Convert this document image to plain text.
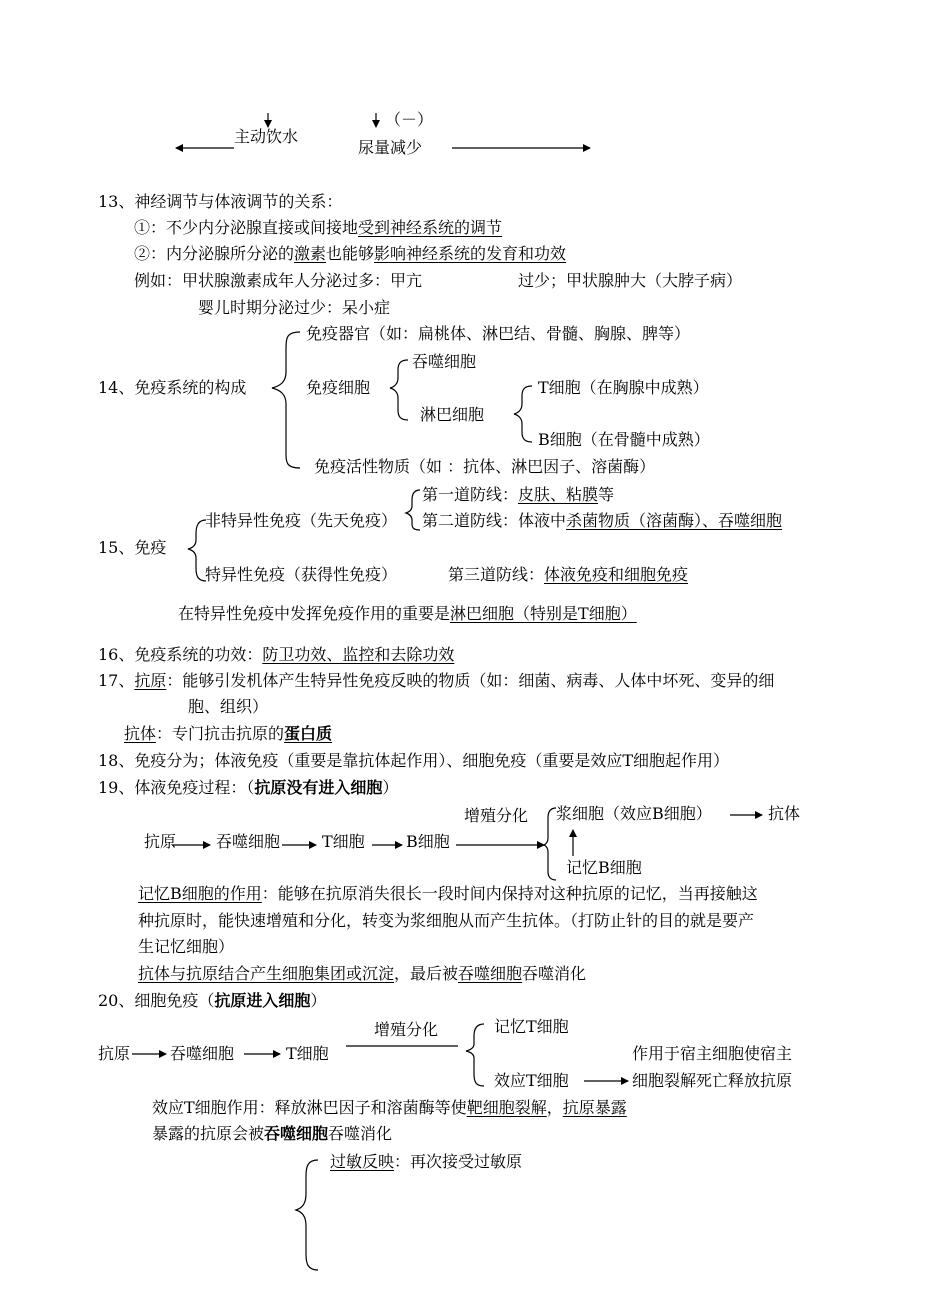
主动饮水
（－）
尿量减少
13、神经调节与体液调节的关系：
①：不少内分泌腺直接或间接地受到神经系统的调节
②：内分泌腺所分泌的激素也能够影响神经系统的发育和功效
例如：甲状腺激素成年人分泌过多：甲亢	过少；甲状腺肿大（大脖子病）
婴儿时期分泌过少：呆小症
14、免疫系统的构成
免疫器官（如：扁桃体、淋巴结、骨髓、胸腺、脾等）
免疫细胞
吞噬细胞
淋巴细胞
T细胞（在胸腺中成熟）
B细胞（在骨髓中成熟）
免疫活性物质（如 ：抗体、淋巴因子、溶菌酶）
15、免疫
非特异性免疫（先天免疫）
第一道防线：皮肤、粘膜等
第二道防线：体液中杀菌物质（溶菌酶）、吞噬细胞
特异性免疫（获得性免疫）	第三道防线：体液免疫和细胞免疫
在特异性免疫中发挥免疫作用的重要是淋巴细胞（特别是T细胞）
16、免疫系统的功效：防卫功效、监控和去除功效
17、抗原：能够引发机体产生特异性免疫反映的物质（如：细菌、病毒、人体中坏死、变异的细
胞、组织）
抗体：专门抗击抗原的蛋白质
18、免疫分为；体液免疫（重要是靠抗体起作用）、细胞免疫（重要是效应T细胞起作用）
19、体液免疫过程：（抗原没有进入细胞）
增殖分化 浆细胞（效应B细胞）	抗体
抗原 吞噬细胞	T细胞	B细胞
记忆B细胞
记忆B细胞的作用：能够在抗原消失很长一段时间内保持对这种抗原的记忆，当再接触这
种抗原时，能快速增殖和分化，转变为浆细胞从而产生抗体。（打防止针的目的就是要产
生记忆细胞）
抗体与抗原结合产生细胞集团或沉淀，最后被吞噬细胞吞噬消化
20、细胞免疫（抗原进入细胞）
增殖分化	记忆T细胞
抗原 吞噬细胞	T细胞	作用于宿主细胞使宿主
效应T细胞	细胞裂解死亡释放抗原
效应T细胞作用：释放淋巴因子和溶菌酶等使靶细胞裂解，抗原暴露
暴露的抗原会被吞噬细胞吞噬消化
过敏反映：再次接受过敏原
